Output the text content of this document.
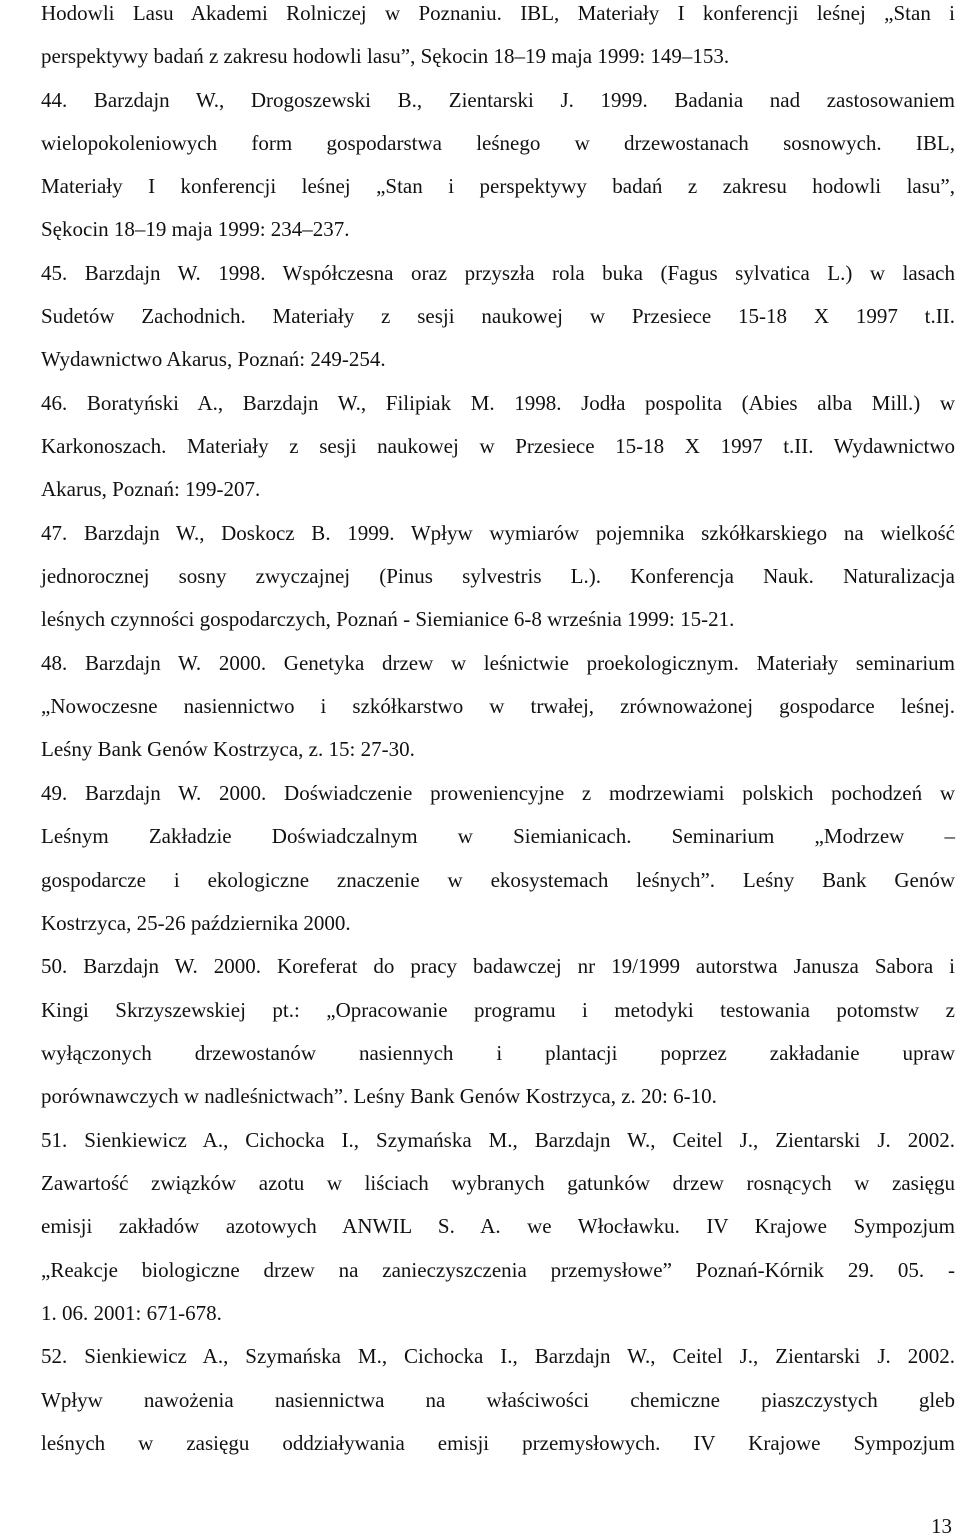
Hodowli Lasu Akademi Rolniczej w Poznaniu. IBL, Materiały I konferencji leśnej „Stan i
perspektywy badań z zakresu hodowli lasu”, Sękocin 18–19 maja 1999: 149–153.
44. Barzdajn W., Drogoszewski B., Zientarski J. 1999. Badania nad zastosowaniem
wielopokoleniowych form gospodarstwa leśnego w drzewostanach sosnowych. IBL,
Materiały I konferencji leśnej „Stan i perspektywy badań z zakresu hodowli lasu”,
Sękocin 18–19 maja 1999: 234–237.
45. Barzdajn W. 1998. Współczesna oraz przyszła rola buka (Fagus sylvatica L.) w lasach
Sudetów Zachodnich. Materiały z sesji naukowej w Przesiece 15-18 X 1997 t.II.
Wydawnictwo Akarus, Poznań: 249-254.
46. Boratyński A., Barzdajn W., Filipiak M. 1998. Jodła pospolita (Abies alba Mill.) w
Karkonoszach. Materiały z sesji naukowej w Przesiece 15-18 X 1997 t.II. Wydawnictwo
Akarus, Poznań: 199-207.
47. Barzdajn W., Doskocz B. 1999. Wpływ wymiarów pojemnika szkółkarskiego na wielkość
jednorocznej sosny zwyczajnej (Pinus sylvestris L.). Konferencja Nauk. Naturalizacja
leśnych czynności gospodarczych, Poznań - Siemianice 6-8 września 1999: 15-21.
48. Barzdajn W. 2000. Genetyka drzew w leśnictwie proekologicznym. Materiały seminarium
„Nowoczesne nasiennictwo i szkółkarstwo w trwałej, zrównoważonej gospodarce leśnej.
Leśny Bank Genów Kostrzyca, z. 15: 27-30.
49. Barzdajn W. 2000. Doświadczenie proweniencyjne z modrzewiami polskich pochodzeń w
Leśnym Zakładzie Doświadczalnym w Siemianicach. Seminarium „Modrzew –
gospodarcze i ekologiczne znaczenie w ekosystemach leśnych”. Leśny Bank Genów
Kostrzyca, 25-26 października 2000.
50. Barzdajn W. 2000. Koreferat do pracy badawczej nr 19/1999 autorstwa Janusza Sabora i
Kingi Skrzyszewskiej pt.: „Opracowanie programu i metodyki testowania potomstw z
wyłączonych drzewostanów nasiennych i plantacji poprzez zakładanie upraw
porównawczych w nadleśnictwach”. Leśny Bank Genów Kostrzyca, z. 20: 6-10.
51. Sienkiewicz A., Cichocka I., Szymańska M., Barzdajn W., Ceitel J., Zientarski J. 2002.
Zawartość związków azotu w liściach wybranych gatunków drzew rosnących w zasięgu
emisji zakładów azotowych ANWIL S. A. we Włocławku. IV Krajowe Sympozjum
„Reakcje biologiczne drzew na zanieczyszczenia przemysłowe” Poznań-Kórnik 29. 05. -
1. 06. 2001: 671-678.
52. Sienkiewicz A., Szymańska M., Cichocka I., Barzdajn W., Ceitel J., Zientarski J. 2002.
Wpływ nawożenia nasiennictwa na właściwości chemiczne piaszczystych gleb
leśnych w zasięgu oddziaływania emisji przemysłowych. IV Krajowe Sympozjum
13
